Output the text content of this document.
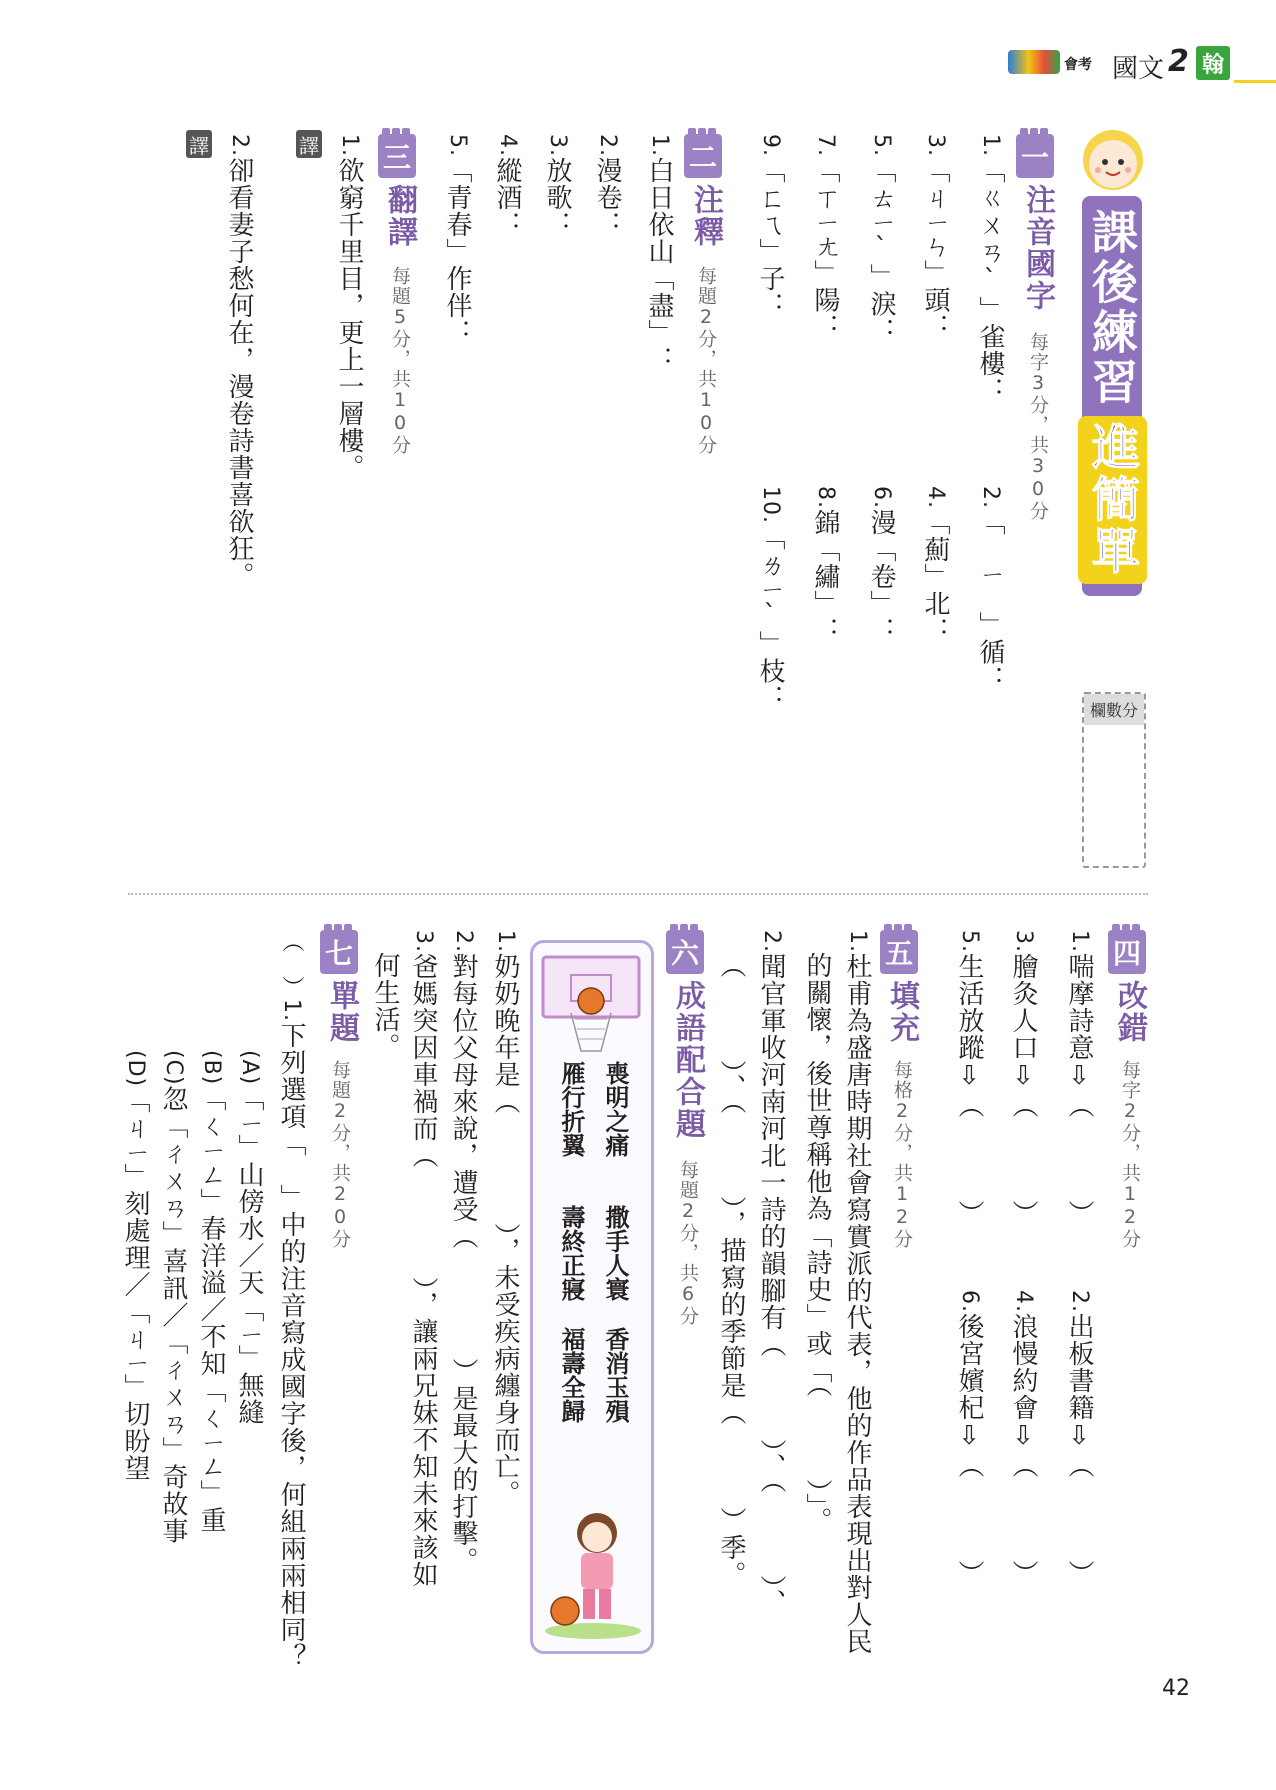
會考 國文 2 翰
課後練習
進簡單
欄數分
一
注音國字
每字3分，共30分
1.「ㄍㄨㄢˋ」雀樓：
2.「　ㄧ　」循：
3.「ㄐㄧㄣ」頭：
4.「薊」北：
5.「ㄊㄧˋ」淚：
6.漫「卷」：
7.「ㄒㄧㄤ」陽：
8.錦「繡」：
9.「ㄈㄟ」子：
10.「ㄌㄧˋ」枝：
二
注釋
每題2分，共10分
1.白日依山「盡」：
2.漫卷：
3.放歌：
4.縱酒：
5.「青春」作伴：
三
翻譯
每題5分，共10分
譯 1.欲窮千里目，更上一層樓。
譯 2.卻看妻子愁何在，漫卷詩書喜欲狂。
四
改錯
每字2分，共12分
1.喘摩詩意⇩（　　　）
2.出板書籍⇩（　　　）
3.膾灸人口⇩（　　　）
4.浪慢約會⇩（　　　）
5.生活放蹤⇩（　　　）
6.後宮嬪杞⇩（　　　）
五
填充
每格2分，共12分
1.杜甫為盛唐時期社會寫實派的代表，他的作品表現出對人民
的關懷，後世尊稱他為「詩史」或「（　　　）」。
2.聞官軍收河南河北一詩的韻腳有（　　　）、（　　　）、
（　　　）、（　　　），描寫的季節是（　　　）季。
六
成語配合題
每題2分，共6分
喪明之痛
雁行折翼
撒手人寰
壽終正寢
香消玉殞
福壽全歸
1.奶奶晚年是（　　　　），未受疾病纏身而亡。
2.對每位父母來說，遭受（　　　　）是最大的打擊。
3.爸媽突因車禍而（　　　　），讓兩兄妹不知未來該如
何生活。
七
單題
每題2分，共20分
（　）1.下列選項「　」中的注音寫成國字後，何組兩兩相同？
(A)「ㄧ」山傍水／天「ㄧ」無縫
(B)「ㄑㄧㄥ」春洋溢／不知「ㄑㄧㄥ」重
(C)忽「ㄔㄨㄢ」喜訊／「ㄔㄨㄢ」奇故事
(D)「ㄐㄧ」刻處理／「ㄐㄧ」切盼望
42
